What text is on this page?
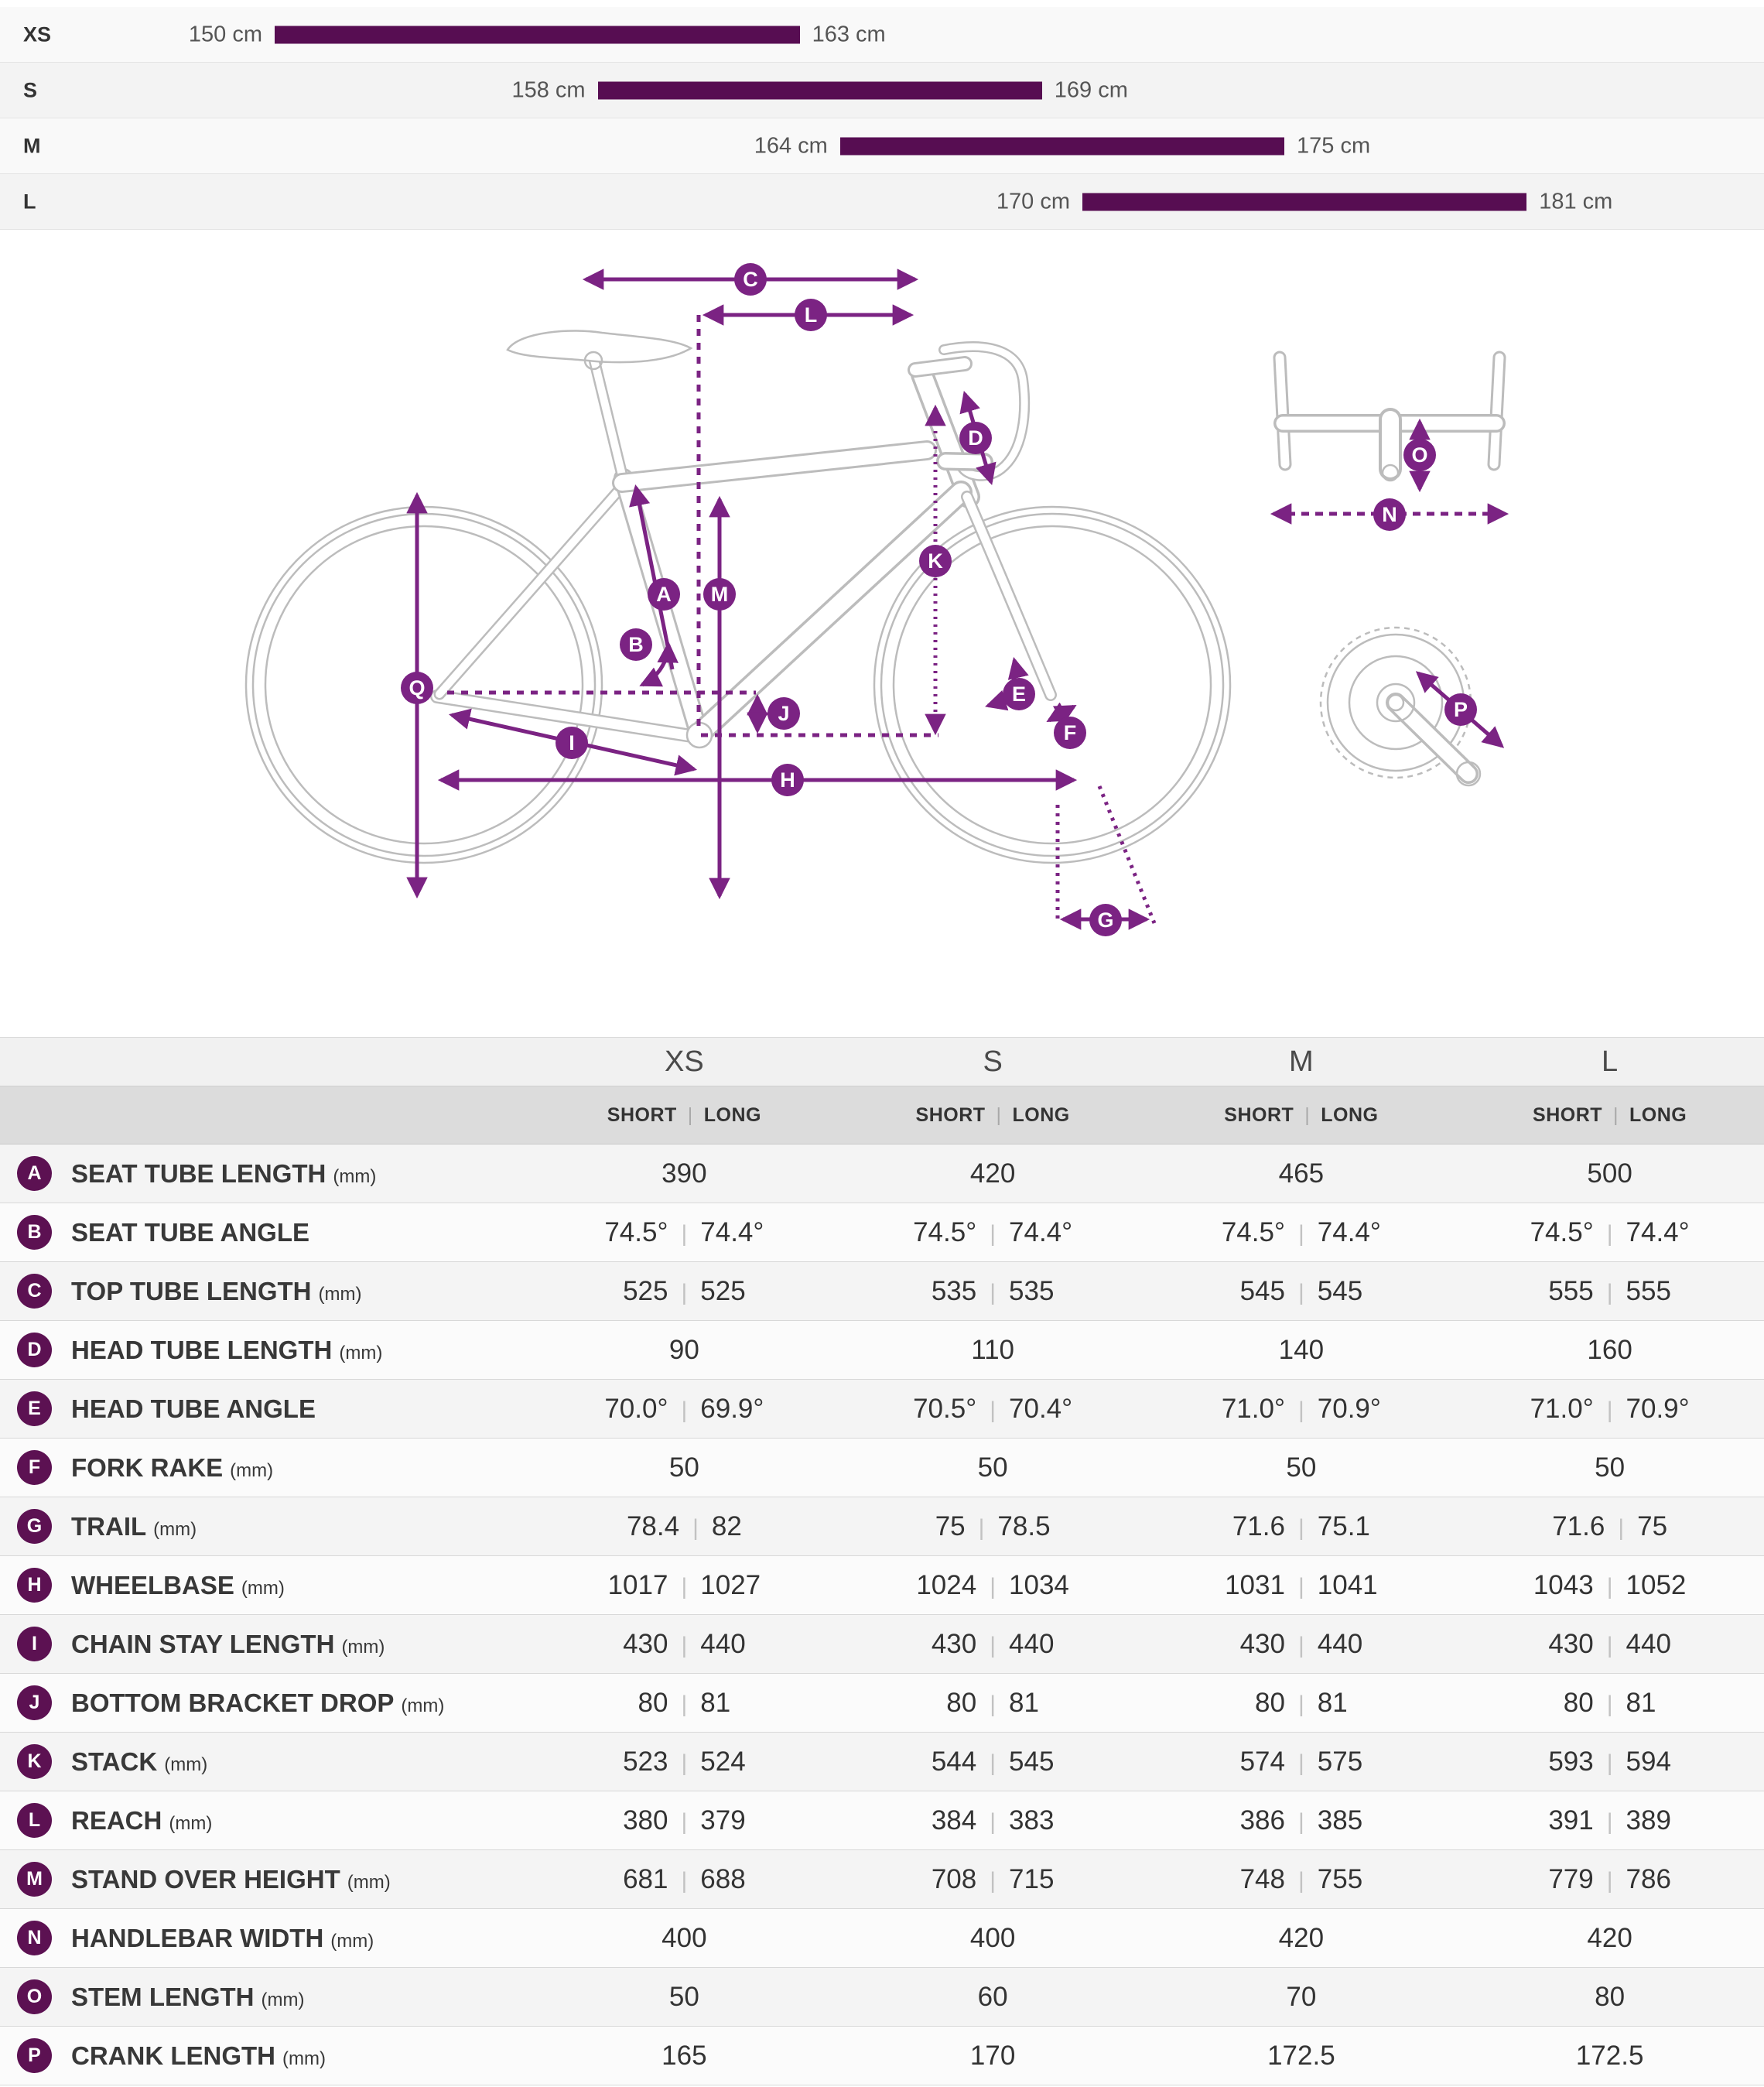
XS	150 cm	163 cm
S	158 cm	169 cm
M	164 cm	175 cm
L	170 cm	181 cm
C
L
D
A M
K
Q
B
J
I
E
F
H
G
O
N
P
XS	S	M	L
SHORT | LONG	SHORT | LONG	SHORT | LONG	SHORT | LONG
A	SEAT TUBE LENGTH (mm)	390	420	465	500
B	SEAT TUBE ANGLE	74.5° | 74.4°	74.5° | 74.4°	74.5° | 74.4°	74.5° | 74.4°
C	TOP TUBE LENGTH (mm)	525 | 525	535 | 535	545 | 545	555 | 555
D	HEAD TUBE LENGTH (mm)	90	110	140	160
E	HEAD TUBE ANGLE	70.0° | 69.9°	70.5° | 70.4°	71.0° | 70.9°	71.0° | 70.9°
F	FORK RAKE (mm)	50	50	50	50
G	TRAIL (mm)	78.4 | 82	75 | 78.5	71.6 | 75.1	71.6 | 75
H	WHEELBASE (mm)	1017 | 1027	1024 | 1034	1031 | 1041	1043 | 1052
I	CHAIN STAY LENGTH (mm)	430 | 440	430 | 440	430 | 440	430 | 440
J	BOTTOM BRACKET DROP (mm)	80 | 81	80 | 81	80 | 81	80 | 81
K	STACK (mm)	523 | 524	544 | 545	574 | 575	593 | 594
L	REACH (mm)	380 | 379	384 | 383	386 | 385	391 | 389
M	STAND OVER HEIGHT (mm)	681 | 688	708 | 715	748 | 755	779 | 786
N	HANDLEBAR WIDTH (mm)	400	400	420	420
O	STEM LENGTH (mm)	50	60	70	80
P	CRANK LENGTH (mm)	165	170	172.5	172.5
